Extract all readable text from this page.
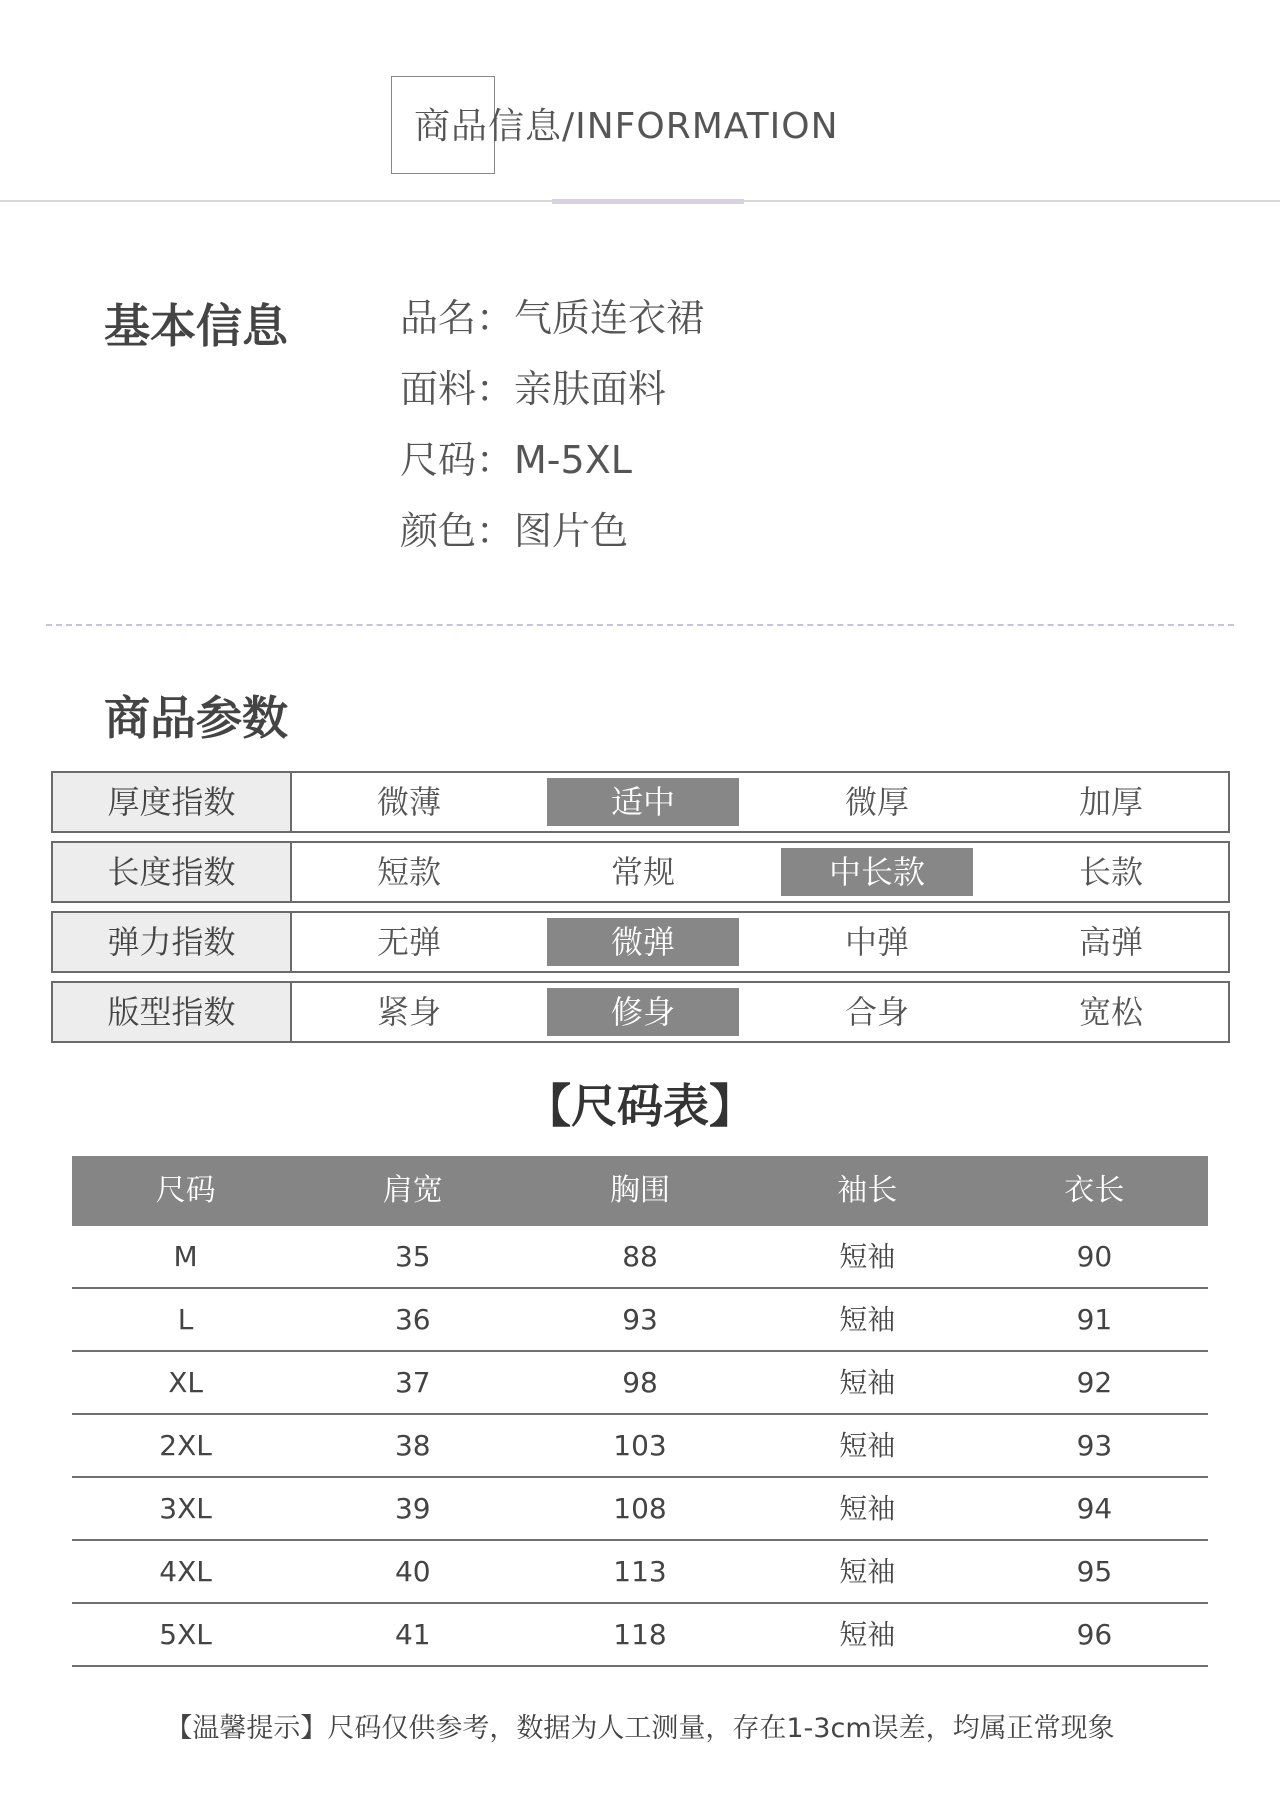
商品信息/INFORMATION
基本信息	品名：气质连衣裙
面料：亲肤面料
尺码：M-5XL
颜色：图片色
商品参数
厚度指数	微薄	适中	微厚	加厚
长度指数	短款	常规	中长款	长款
弹力指数	无弹	微弹	中弹	高弹
版型指数	紧身	修身	合身	宽松
【尺码表】
尺码	肩宽	胸围	袖长	衣长
M	35	88	短袖	90
L	36	93	短袖	91
XL	37	98	短袖	92
2XL	38	103	短袖	93
3XL	39	108	短袖	94
4XL	40	113	短袖	95
5XL	41	118	短袖	96
【温馨提示】尺码仅供参考，数据为人工测量，存在1-3cm误差，均属正常现象
